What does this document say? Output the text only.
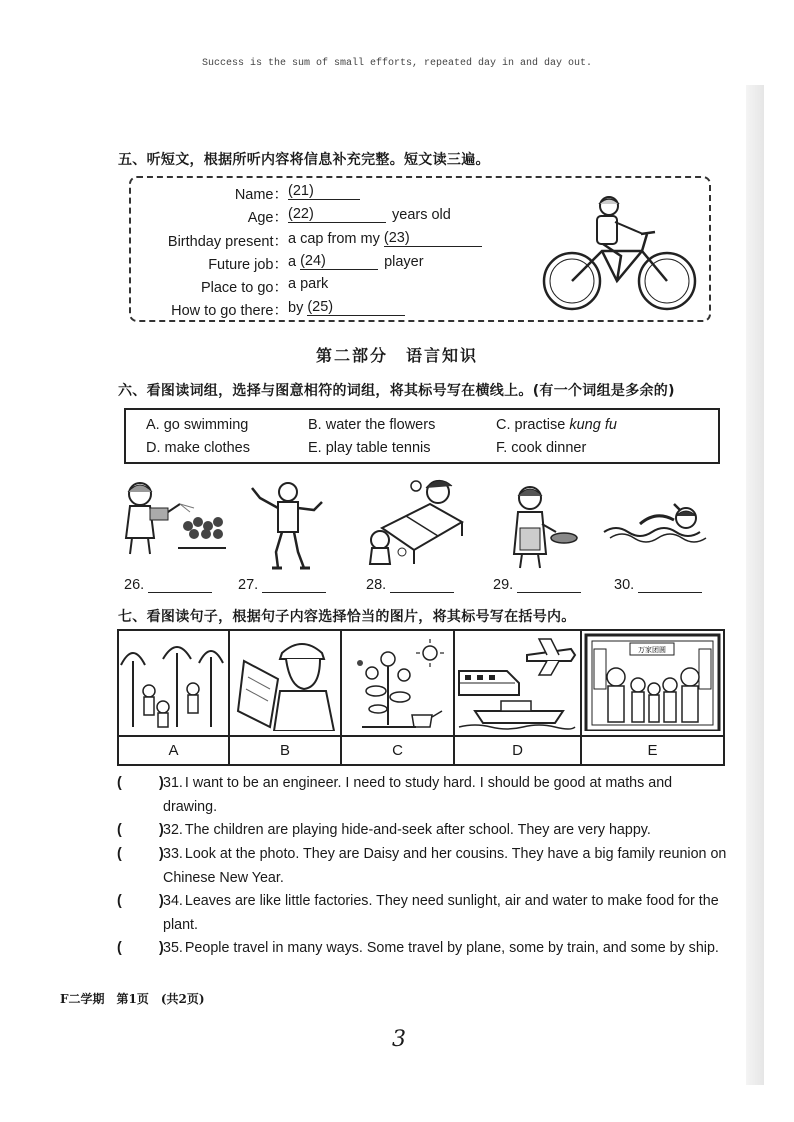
Success is the sum of small efforts, repeated day in and day out.
五、听短文，根据所听内容将信息补充完整。短文读三遍。
Name： (21)
Age： (22)	years old
Birthday present： a cap from my (23)
Future job： a (24)	player
Place to go： a park
How to go there： by (25)
第二部分　语言知识
六、看图读词组，选择与图意相符的词组，将其标号写在横线上。(有一个词组是多余的)
A. go swimming	B. water the flowers	C. practise kung fu
D. make clothes	E. play table tennis	F. cook dinner
26.	27.	28.	29.	30.
七、看图读句子，根据句子内容选择恰当的图片，将其标号写在括号内。
万家团圆
A	B	C	D	E
(	) 31. I want to be an engineer. I need to study hard. I should be good at maths and drawing.
(	) 32. The children are playing hide-and-seek after school. They are very happy.
(	) 33. Look at the photo. They are Daisy and her cousins. They have a big family reunion on Chinese New Year.
(	) 34. Leaves are like little factories. They need sunlight, air and water to make food for the plant.
(	) 35. People travel in many ways. Some travel by plane, some by train, and some by ship.
F二学期　第1页　(共2页)
3
